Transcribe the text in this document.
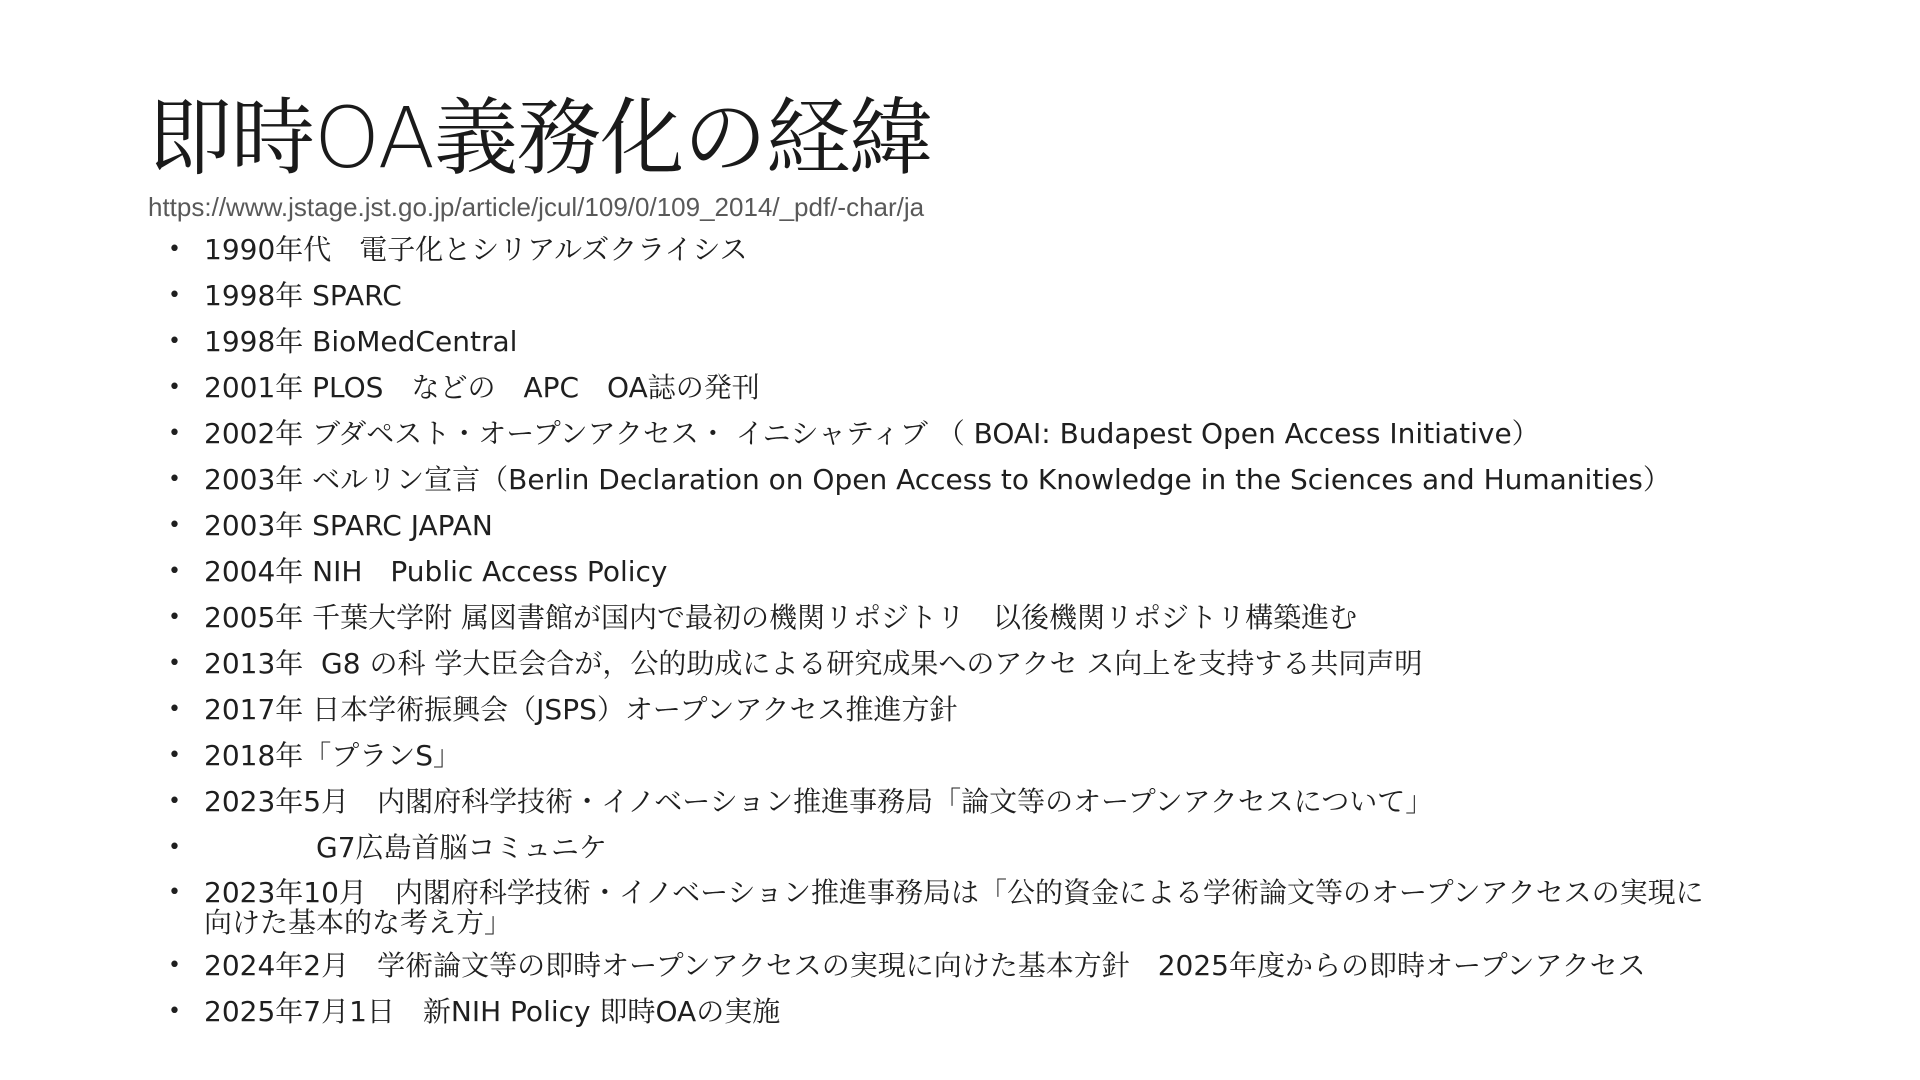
即時OA義務化の経緯
https://www.jstage.jst.go.jp/article/jcul/109/0/109_2014/_pdf/-char/ja
• 1990年代　電子化とシリアルズクライシス
• 1998年 SPARC
• 1998年 BioMedCentral
• 2001年 PLOS　などの　APC　OA誌の発刊
• 2002年 ブダペスト・オープンアクセス・ イニシャティブ （ BOAI: Budapest Open Access Initiative）
• 2003年 ベルリン宣言（Berlin Declaration on Open Access to Knowledge in the Sciences and Humanities）
• 2003年 SPARC JAPAN
• 2004年 NIH　Public Access Policy
• 2005年 千葉大学附 属図書館が国内で最初の機関リポジトリ　以後機関リポジトリ構築進む
• 2013年  G8 の科 学大臣会合が，公的助成による研究成果へのアクセ ス向上を支持する共同声明
• 2017年 日本学術振興会（JSPS）オープンアクセス推進方針
• 2018年「プランS」
• 2023年5月　内閣府科学技術・イノベーション推進事務局「論文等のオープンアクセスについて」
• 　　　　G7広島首脳コミュニケ
• 2023年10月　内閣府科学技術・イノベーション推進事務局は「公的資金による学術論文等のオープンアクセスの実現に向けた基本的な考え方」
• 2024年2月　学術論文等の即時オープンアクセスの実現に向けた基本方針　2025年度からの即時オープンアクセス
• 2025年7月1日　新NIH Policy 即時OAの実施
